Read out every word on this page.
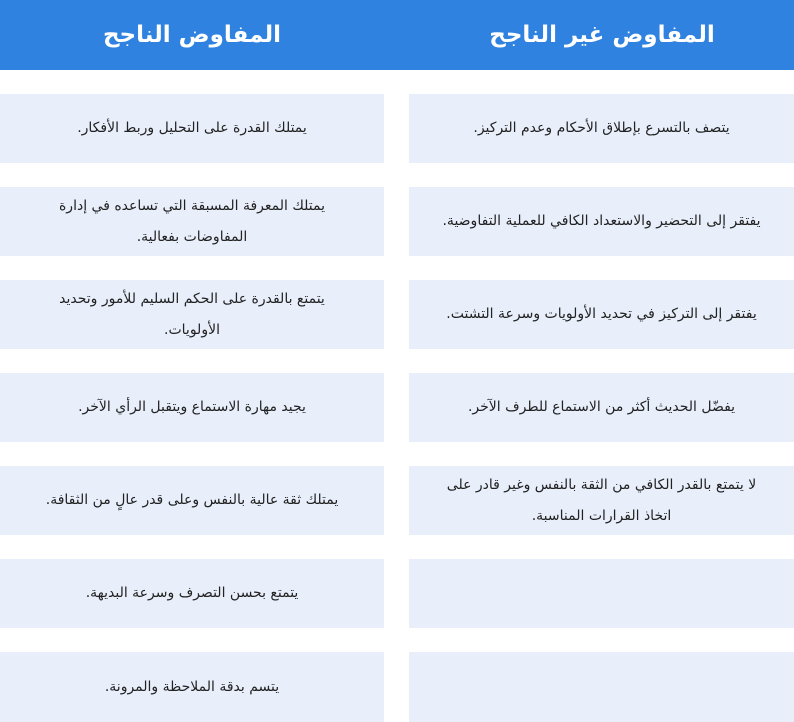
المفاوض غير الناجح
المفاوض الناجح
يتصف بالتسرع بإطلاق الأحكام وعدم التركيز.
يمتلك القدرة على التحليل وربط الأفكار.
يفتقر إلى التحضير والاستعداد الكافي للعملية التفاوضية.
يمتلك المعرفة المسبقة التي تساعده في إدارة المفاوضات بفعالية.
يفتقر إلى التركيز في تحديد الأولويات وسرعة التشتت.
يتمتع بالقدرة على الحكم السليم للأمور وتحديد الأولويات.
يفضّل الحديث أكثر من الاستماع للطرف الآخر.
يجيد مهارة الاستماع ويتقبل الرأي الآخر.
لا يتمتع بالقدر الكافي من الثقة بالنفس وغير قادر على اتخاذ القرارات المناسبة.
يمتلك ثقة عالية بالنفس وعلى قدر عالٍ من الثقافة.
يتمتع بحسن التصرف وسرعة البديهة.
يتسم بدقة الملاحظة والمرونة.
